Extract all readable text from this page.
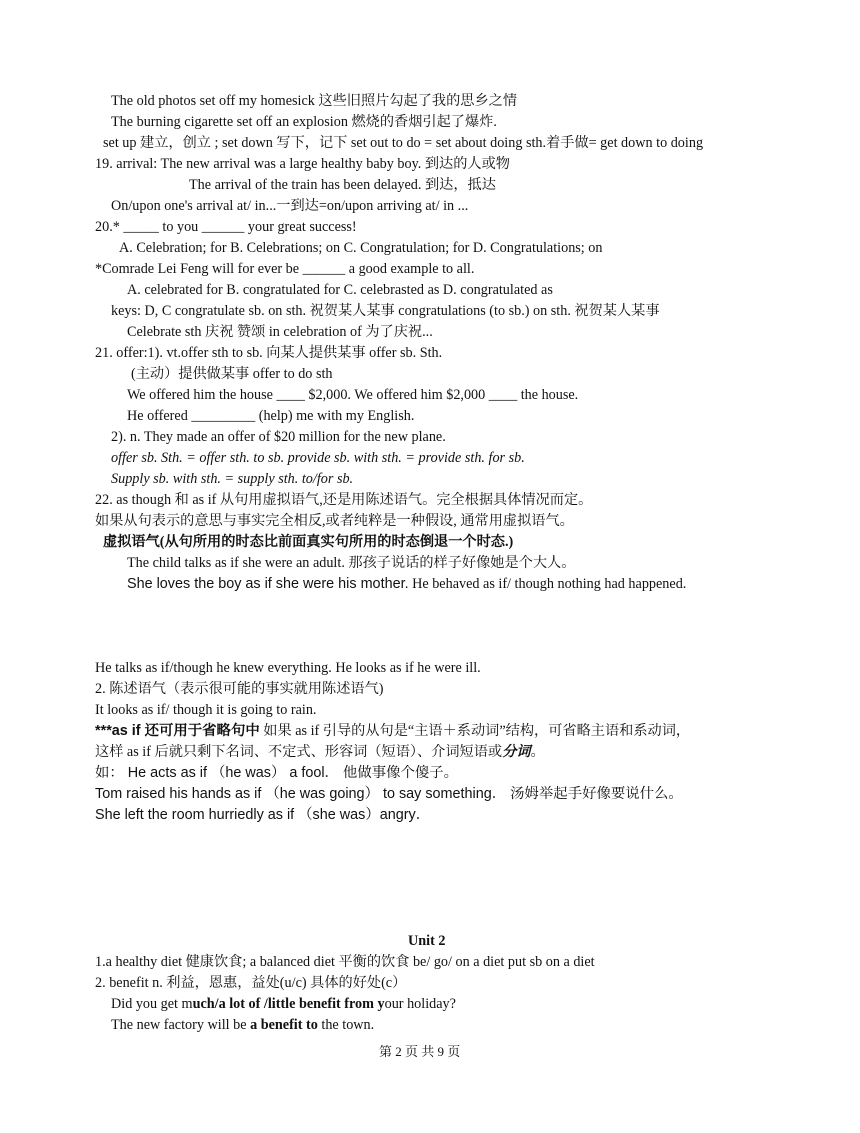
The old photos set off my homesick 这些旧照片勾起了我的思乡之情
The burning cigarette set off an explosion 燃烧的香烟引起了爆炸.
set up 建立，创立 ; set down 写下，记下 set out to do = set about doing sth.着手做= get down to doing
19. arrival: The new arrival was a large healthy baby boy. 到达的人或物
The arrival of the train has been delayed. 到达，抵达
On/upon one's arrival at/ in...一到达=on/upon arriving at/ in ...
20.* _____ to you ______ your great success!
A. Celebration; for B. Celebrations; on C. Congratulation; for D. Congratulations; on
*Comrade Lei Feng will for ever be ______ a good example to all.
A. celebrated for B. congratulated for C. celebrasted as D. congratulated as
keys: D, C congratulate sb. on sth. 祝贺某人某事 congratulations (to sb.) on sth. 祝贺某人某事
Celebrate sth 庆祝 赞颂 in celebration of 为了庆祝...
21. offer:1). vt.offer sth to sb. 向某人提供某事 offer sb. Sth.
(主动）提供做某事 offer to do sth
We offered him the house ____ $2,000. We offered him $2,000 ____ the house.
He offered _________ (help) me with my English.
2). n. They made an offer of $20 million for the new plane.
offer sb. Sth. = offer sth. to sb. provide sb. with sth. = provide sth. for sb.
Supply sb. with sth. = supply sth. to/for sb.
22. as though 和 as if 从句用虚拟语气,还是用陈述语气。完全根据具体情况而定。
如果从句表示的意思与事实完全相反,或者纯粹是一种假设, 通常用虚拟语气。
虚拟语气(从句所用的时态比前面真实句所用的时态倒退一个时态.)
The child talks as if she were an adult. 那孩子说话的样子好像她是个大人。
She loves the boy as if she were his mother. He behaved as if/ though nothing had happened.
He talks as if/though he knew everything. He looks as if he were ill.
2. 陈述语气（表示很可能的事实就用陈述语气)
It looks as if/ though it is going to rain.
***as if 还可用于省略句中 如果 as if 引导的从句是“主语＋系动词”结构，可省略主语和系动词，
这样 as if 后就只剩下名词、不定式、形容词（短语）、介词短语或分词。
如： He acts as if （he was） a fool． 他做事像个傻子。
Tom raised his hands as if （he was going） to say something． 汤姆举起手好像要说什么。
She left the room hurriedly as if （she was）angry．
Unit 2
1.a healthy diet 健康饮食; a balanced diet 平衡的饮食 be/ go/ on a diet put sb on a diet
2. benefit n. 利益，恩惠，益处(u/c) 具体的好处(c）
Did you get much/a lot of /little benefit from your holiday?
The new factory will be a benefit to the town.
第 2 页 共 9 页
